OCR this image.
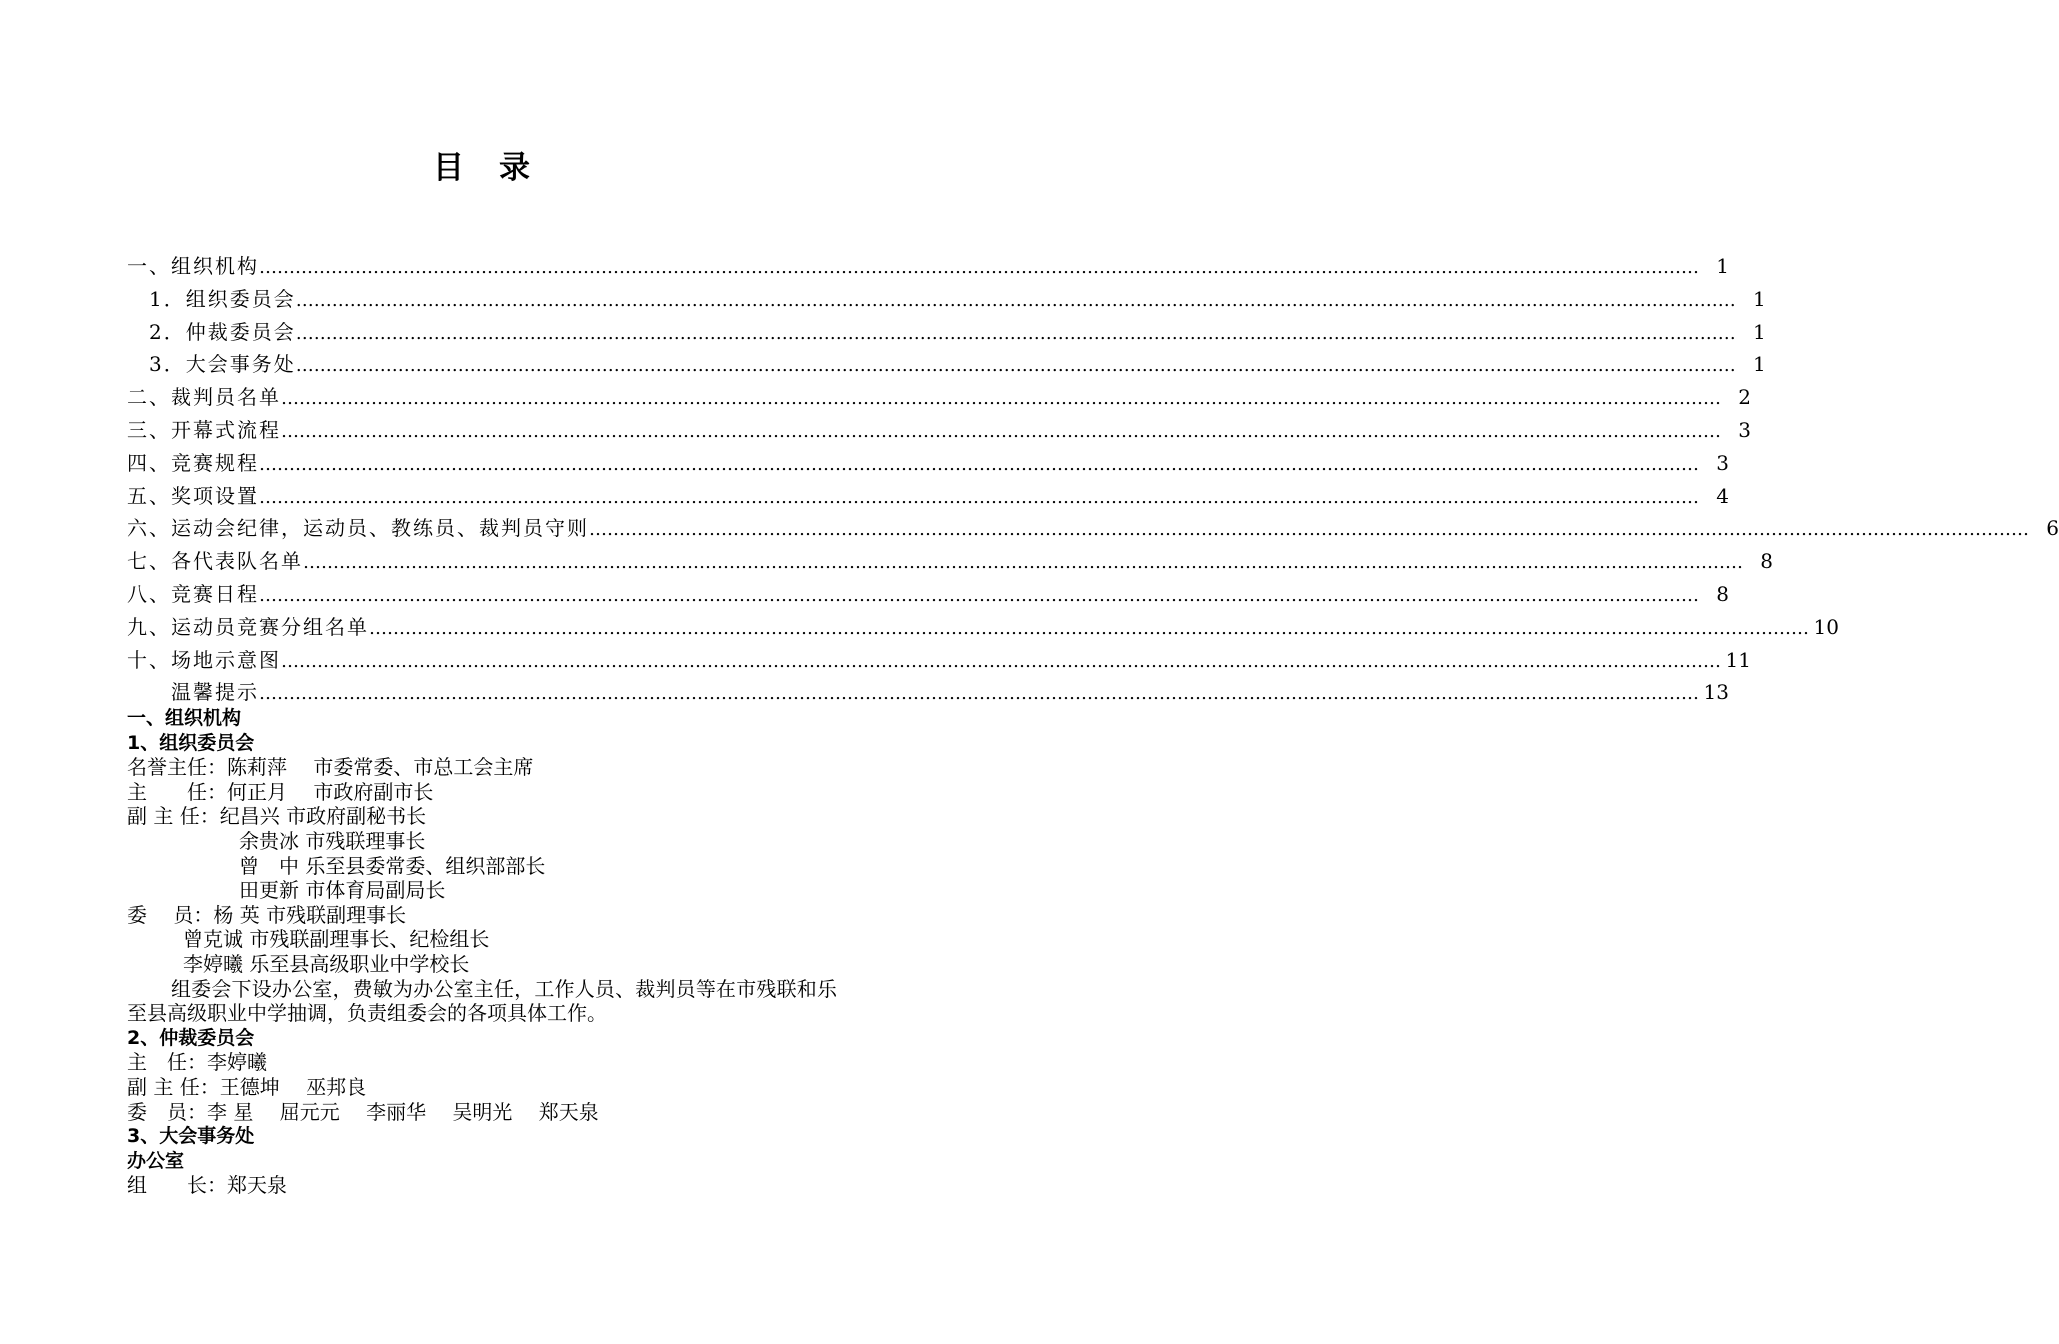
目　录
一、组织机构 …………………………………………………………………………………………………………………………………………………………………………………………………………………… 1
1．组织委员会 …………………………………………………………………………………………………………………………………………………………………………………………………………………… 1
2．仲裁委员会 …………………………………………………………………………………………………………………………………………………………………………………………………………………… 1
3．大会事务处 …………………………………………………………………………………………………………………………………………………………………………………………………………………… 1
二、裁判员名单 …………………………………………………………………………………………………………………………………………………………………………………………………………………… 2
三、开幕式流程 …………………………………………………………………………………………………………………………………………………………………………………………………………………… 3
四、竞赛规程 …………………………………………………………………………………………………………………………………………………………………………………………………………………… 3
五、奖项设置 …………………………………………………………………………………………………………………………………………………………………………………………………………………… 4
六、运动会纪律，运动员、教练员、裁判员守则 …………………………………………………………………………………………………………………………………………………………………………………………………………………… 6
七、各代表队名单 …………………………………………………………………………………………………………………………………………………………………………………………………………………… 8
八、竞赛日程 …………………………………………………………………………………………………………………………………………………………………………………………………………………… 8
九、运动员竞赛分组名单 …………………………………………………………………………………………………………………………………………………………………………………………………………………… 10
十、场地示意图 …………………………………………………………………………………………………………………………………………………………………………………………………………………… 11
温馨提示 …………………………………………………………………………………………………………………………………………………………………………………………………………………… 13
一、组织机构
1、组织委员会
名誉主任：陈莉萍　 市委常委、市总工会主席
主　　任：何正月　 市政府副市长
副 主 任：纪昌兴 市政府副秘书长
余贵冰 市残联理事长
曾　中 乐至县委常委、组织部部长
田更新 市体育局副局长
委　 员：杨 英 市残联副理事长
曾克诚 市残联副理事长、纪检组长
李婷曦 乐至县高级职业中学校长
组委会下设办公室，费敏为办公室主任，工作人员、裁判员等在市残联和乐至县高级职业中学抽调，负责组委会的各项具体工作。
2、仲裁委员会
主　任：李婷曦
副 主 任：王德坤　 巫邦良
委　员：李 星　 屈元元　 李丽华　 吴明光　 郑天泉
3、大会事务处
办公室
组　　长：郑天泉
